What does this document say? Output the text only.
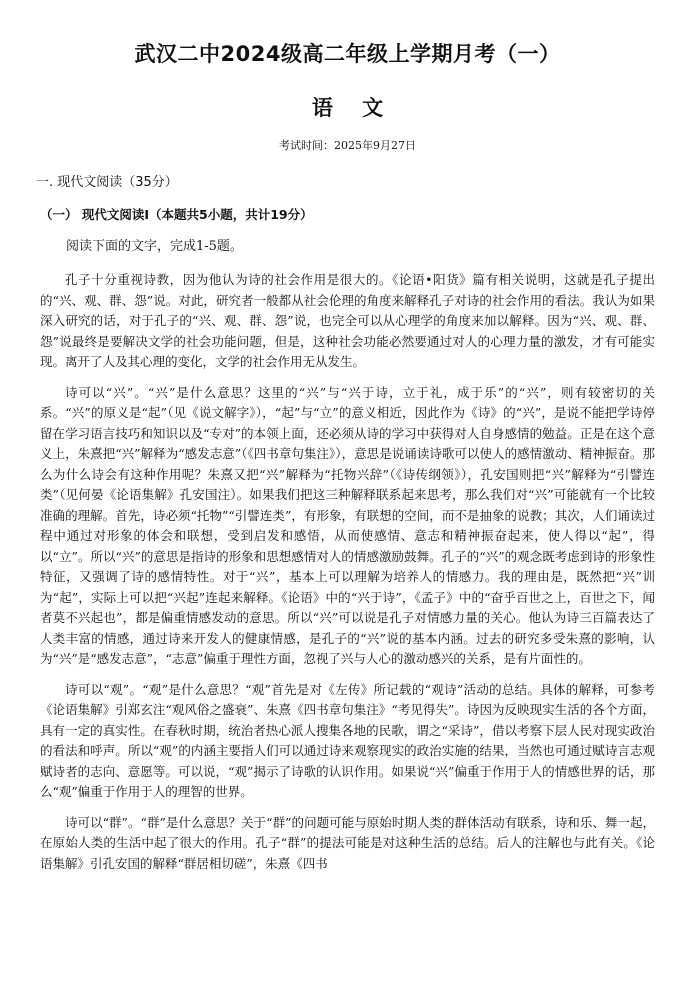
武汉二中2024级高二年级上学期月考（一）
语 文
考试时间：2025年9月27日
一. 现代文阅读（35分）
（一） 现代文阅读Ⅰ（本题共5小题，共计19分）
阅读下面的文字，完成1-5题。

孔子十分重视诗教，因为他认为诗的社会作用是很大的。《论语•阳货》篇有相关说明，这就是孔子提出的“兴、观、群、怨”说。对此，研究者一般都从社会伦理的角度来解释孔子对诗的社会作用的看法。我认为如果深入研究的话，对于孔子的“兴、观、群、怨”说，也完全可以从心理学的角度来加以解释。因为“兴、观、群、怨”说最终是要解决文学的社会功能问题，但是，这种社会功能必然要通过对人的心理力量的激发，才有可能实现。离开了人及其心理的变化，文学的社会作用无从发生。

诗可以“兴”。“兴”是什么意思？这里的“兴”与“兴于诗，立于礼，成于乐”的“兴”，则有较密切的关系。“兴”的原义是“起”（见《说文解字》），“起”与“立”的意义相近，因此作为《诗》的“兴”，是说不能把学诗停留在学习语言技巧和知识以及“专对”的本领上面，还必须从诗的学习中获得对人自身感情的勉益。正是在这个意义上，朱熹把“兴”解释为“感发志意”（《四书章句集注》），意思是说诵读诗歌可以使人的感情激动、精神振奋。那么为什么诗会有这种作用呢？朱熹又把“兴”解释为“托物兴辞”（《诗传纲领》），孔安国则把“兴”解释为“引譬连类”（见何晏《论语集解》孔安国注）。如果我们把这三种解释联系起来思考，那么我们对“兴”可能就有一个比较准确的理解。首先，诗必须“托物”“引譬连类”，有形象，有联想的空间，而不是抽象的说教；其次，人们诵读过程中通过对形象的体会和联想，受到启发和感悟，从而使感情、意志和精神振奋起来，使人得以“起”，得以“立”。所以“兴”的意思是指诗的形象和思想感情对人的情感激励鼓舞。孔子的“兴”的观念既考虑到诗的形象性特征，又强调了诗的感情特性。对于“兴”，基本上可以理解为培养人的情感力。我的理由是，既然把“兴”训为“起”，实际上可以把“兴起”连起来解释。《论语》中的“兴于诗”，《孟子》中的“奋乎百世之上，百世之下，闻者莫不兴起也”，都是偏重情感发动的意思。所以“兴”可以说是孔子对情感力量的关心。他认为诗三百篇表达了人类丰富的情感，通过诗来开发人的健康情感，是孔子的“兴”说的基本内涵。过去的研究多受朱熹的影响，认为“兴”是“感发志意”，“志意”偏重于理性方面，忽视了兴与人心的激动感兴的关系，是有片面性的。

诗可以“观”。“观”是什么意思？“观”首先是对《左传》所记载的“观诗”活动的总结。具体的解释，可参考《论语集解》引郑玄注“观风俗之盛衰”、朱熹《四书章句集注》“考见得失”。诗因为反映现实生活的各个方面，具有一定的真实性。在春秋时期，统治者热心派人搜集各地的民歌，谓之“采诗”，借以考察下层人民对现实政治的看法和呼声。所以“观”的内涵主要指人们可以通过诗来观察现实的政治实施的结果，当然也可通过赋诗言志观赋诗者的志向、意愿等。可以说，“观”揭示了诗歌的认识作用。如果说“兴”偏重于作用于人的情感世界的话，那么“观”偏重于作用于人的理智的世界。

诗可以“群”。“群”是什么意思？关于“群”的问题可能与原始时期人类的群体活动有联系，诗和乐、舞一起，在原始人类的生活中起了很大的作用。孔子“群”的提法可能是对这种生活的总结。后人的注解也与此有关。《论语集解》引孔安国的解释“群居相切磋”，朱熹《四书
